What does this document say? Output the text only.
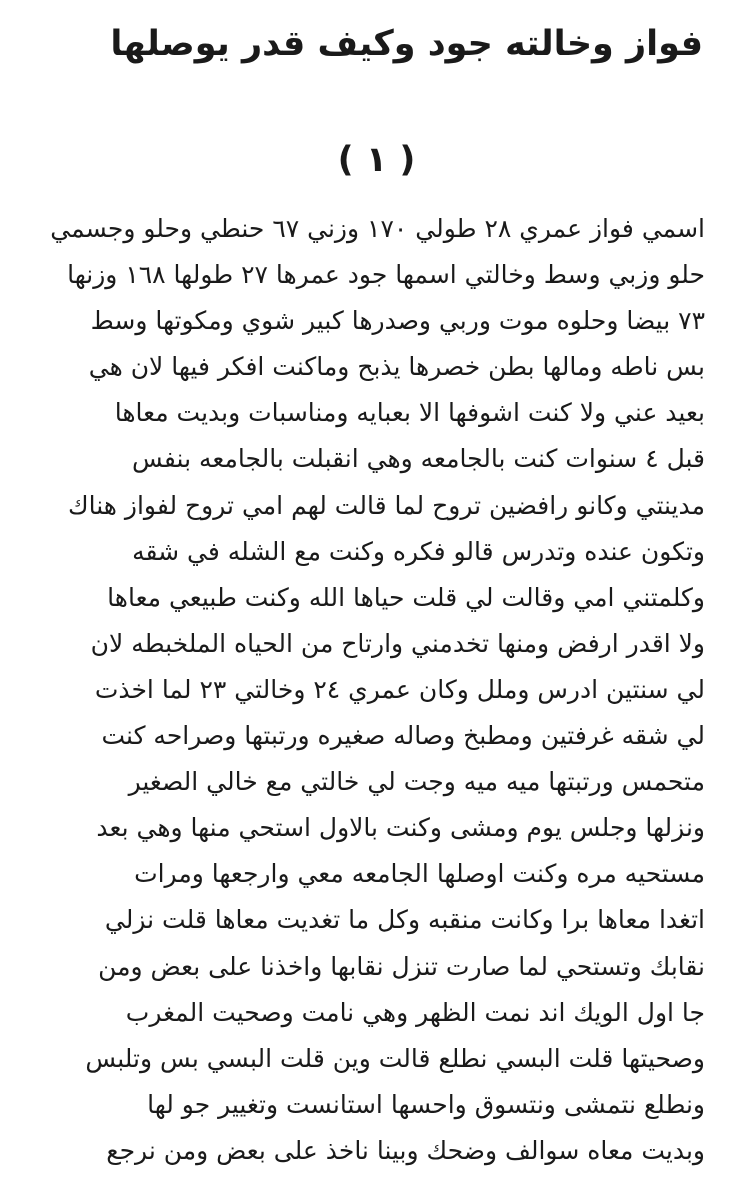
فواز وخالته جود وكيف قدر يوصلها
( ١ )
اسمي فواز عمري ٢٨ طولي ١٧٠ وزني ٦٧ حنطي وحلو وجسمي
حلو وزبي وسط وخالتي اسمها جود عمرها ٢٧ طولها ١٦٨ وزنها
٧٣ بيضا وحلوه موت وربي وصدرها كبير شوي ومكوتها وسط
بس ناطه ومالها بطن خصرها يذبح وماكنت افكر فيها لان هي
بعيد عني ولا كنت اشوفها الا بعبايه ومناسبات وبديت معاها
قبل ٤ سنوات كنت بالجامعه وهي انقبلت بالجامعه بنفس
مدينتي وكانو رافضين تروح لما قالت لهم امي تروح لفواز هناك
وتكون عنده وتدرس قالو فكره وكنت مع الشله في شقه
وكلمتني امي وقالت لي قلت حياها الله وكنت طبيعي معاها
ولا اقدر ارفض ومنها تخدمني وارتاح من الحياه الملخبطه لان
لي سنتين ادرس وملل وكان عمري ٢٤ وخالتي ٢٣ لما اخذت
لي شقه غرفتين ومطبخ وصاله صغيره ورتبتها وصراحه كنت
متحمس ورتبتها ميه ميه وجت لي خالتي مع خالي الصغير
ونزلها وجلس يوم ومشى وكنت بالاول استحي منها وهي بعد
مستحيه مره وكنت اوصلها الجامعه معي وارجعها ومرات
اتغدا معاها برا وكانت منقبه وكل ما تغديت معاها قلت نزلي
نقابك وتستحي لما صارت تنزل نقابها واخذنا على بعض ومن
جا اول الويك اند نمت الظهر وهي نامت وصحيت المغرب
وصحيتها قلت البسي نطلع قالت وين قلت البسي بس وتلبس
ونطلع نتمشى ونتسوق واحسها استانست وتغيير جو لها
وبديت معاه سوالف وضحك وبينا ناخذ على بعض ومن نرجع
